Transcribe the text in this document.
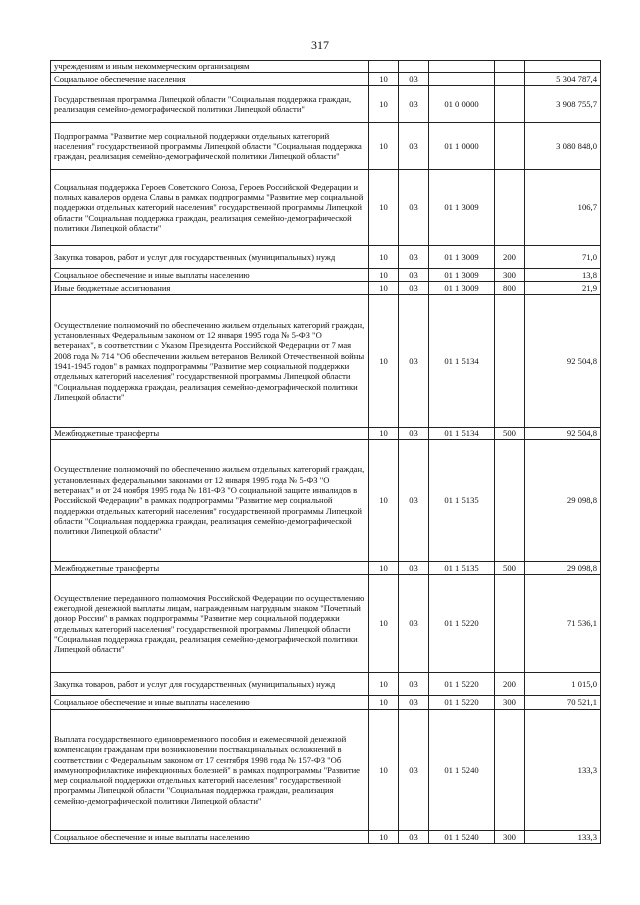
317
учреждениям и иным некоммерческим организациям					
Социальное обеспечение населения	10	03			5 304 787,4
Государственная программа Липецкой области "Социальная поддержка граждан, реализация семейно-демографической политики Липецкой области"	10	03	01 0 0000		3 908 755,7
Подпрограмма "Развитие мер социальной поддержки отдельных категорий населения" государственной программы Липецкой области "Социальная поддержка граждан, реализация семейно-демографической политики Липецкой области"	10	03	01 1 0000		3 080 848,0
Социальная поддержка Героев Советского Союза, Героев Российской Федерации и полных кавалеров ордена Славы в рамках подпрограммы "Развитие мер социальной поддержки отдельных категорий населения" государственной программы Липецкой области "Социальная поддержка граждан, реализация семейно-демографической политики Липецкой области"	10	03	01 1 3009		106,7
Закупка товаров, работ и услуг для государственных (муниципальных) нужд	10	03	01 1 3009	200	71,0
Социальное обеспечение и иные выплаты населению	10	03	01 1 3009	300	13,8
Иные бюджетные ассигнования	10	03	01 1 3009	800	21,9
Осуществление полномочий по обеспечению жильем отдельных категорий граждан, установленных Федеральным законом от 12 января 1995 года № 5-ФЗ "О ветеранах", в соответствии с Указом Президента Российской Федерации от 7 мая 2008 года № 714 "Об обеспечении жильем ветеранов Великой Отечественной войны 1941-1945 годов" в рамках подпрограммы "Развитие мер социальной поддержки отдельных категорий населения" государственной программы Липецкой области "Социальная поддержка граждан, реализация семейно-демографической политики Липецкой области"	10	03	01 1 5134		92 504,8
Межбюджетные трансферты	10	03	01 1 5134	500	92 504,8
Осуществление полномочий по обеспечению жильем отдельных категорий граждан, установленных федеральными законами от 12 января 1995 года № 5-ФЗ "О ветеранах" и от 24 ноября 1995 года № 181-ФЗ "О социальной защите инвалидов в Российской Федерации" в рамках подпрограммы "Развитие мер социальной поддержки отдельных категорий населения" государственной программы Липецкой области "Социальная поддержка граждан, реализация семейно-демографической политики Липецкой области"	10	03	01 1 5135		29 098,8
Межбюджетные трансферты	10	03	01 1 5135	500	29 098,8
Осуществление переданного полномочия Российской Федерации по осуществлению ежегодной денежной выплаты лицам, награжденным нагрудным знаком "Почетный донор России" в рамках подпрограммы "Развитие мер социальной поддержки отдельных категорий населения" государственной программы Липецкой области "Социальная поддержка граждан, реализация семейно-демографической политики Липецкой области"	10	03	01 1 5220		71 536,1
Закупка товаров, работ и услуг для государственных (муниципальных) нужд	10	03	01 1 5220	200	1 015,0
Социальное обеспечение и иные выплаты населению	10	03	01 1 5220	300	70 521,1
Выплата государственного единовременного пособия и ежемесячной денежной компенсации гражданам при возникновении поствакцинальных осложнений в соответствии с Федеральным законом от 17 сентября 1998 года № 157-ФЗ "Об иммунопрофилактике инфекционных болезней" в рамках подпрограммы "Развитие мер социальной поддержки отдельных категорий населения" государственной программы Липецкой области "Социальная поддержка граждан, реализация семейно-демографической политики Липецкой области"	10	03	01 1 5240		133,3
Социальное обеспечение и иные выплаты населению	10	03	01 1 5240	300	133,3
